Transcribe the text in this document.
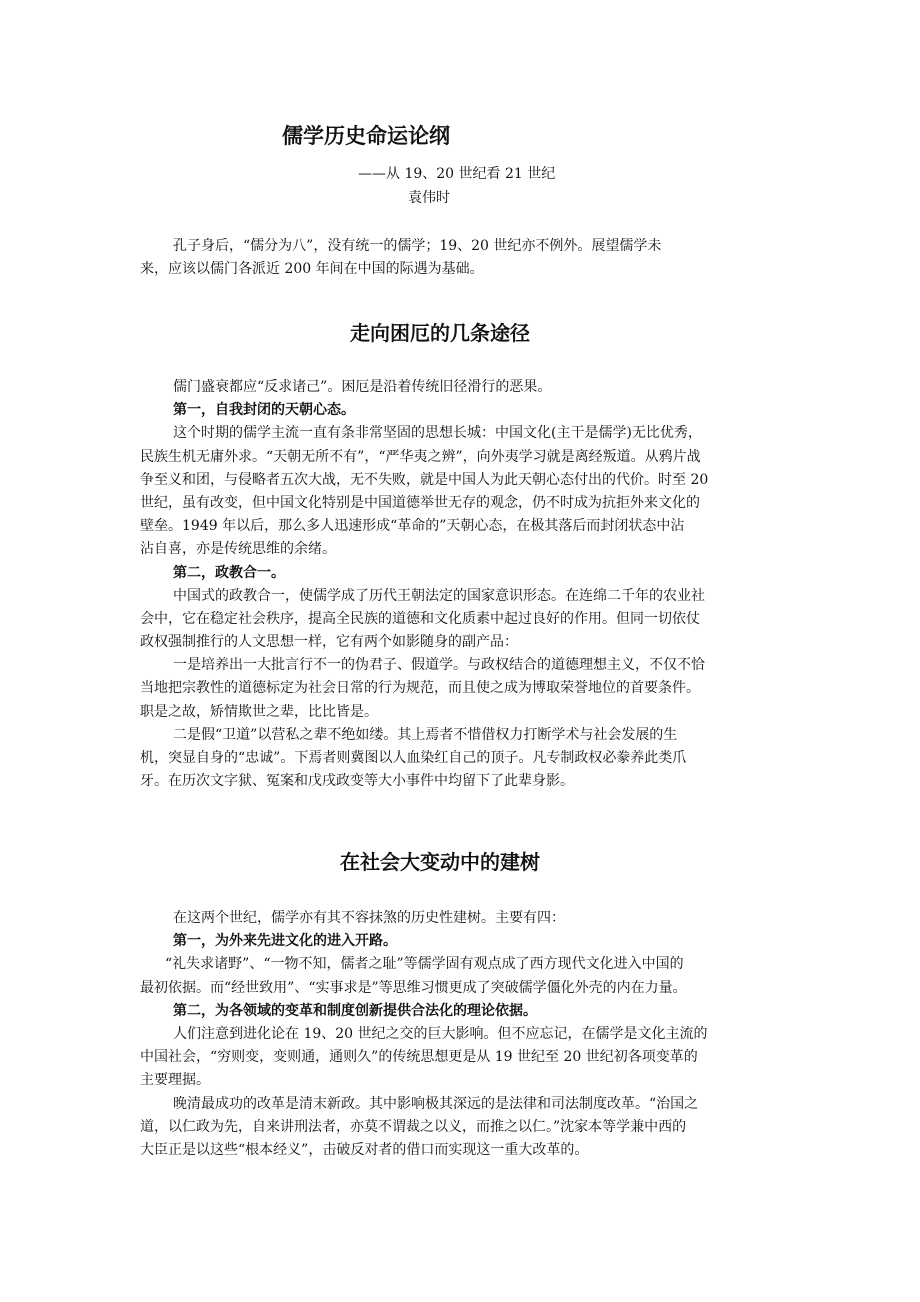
儒学历史命运论纲
——从 19、20 世纪看 21 世纪
袁伟时
孔子身后，“儒分为八”，没有统一的儒学；19、20 世纪亦不例外。展望儒学未
来，应该以儒门各派近 200 年间在中国的际遇为基础。
走向困厄的几条途径
儒门盛衰都应“反求诸己”。困厄是沿着传统旧径滑行的恶果。
第一，自我封闭的天朝心态。
这个时期的儒学主流一直有条非常坚固的思想长城：中国文化(主干是儒学)无比优秀，
民族生机无庸外求。“天朝无所不有”，“严华夷之辨”，向外夷学习就是离经叛道。从鸦片战
争至义和团，与侵略者五次大战，无不失败，就是中国人为此天朝心态付出的代价。时至 20
世纪，虽有改变，但中国文化特别是中国道德举世无存的观念，仍不时成为抗拒外来文化的
壁垒。1949 年以后，那么多人迅速形成“革命的”天朝心态，在极其落后而封闭状态中沾
沾自喜，亦是传统思维的余绪。
第二，政教合一。
中国式的政教合一，使儒学成了历代王朝法定的国家意识形态。在连绵二千年的农业社
会中，它在稳定社会秩序，提高全民族的道德和文化质素中起过良好的作用。但同一切依仗
政权强制推行的人文思想一样，它有两个如影随身的副产品：
一是培养出一大批言行不一的伪君子、假道学。与政权结合的道德理想主义，不仅不恰
当地把宗教性的道德标定为社会日常的行为规范，而且使之成为博取荣誉地位的首要条件。
职是之故，矫情欺世之辈，比比皆是。
二是假“卫道”以营私之辈不绝如缕。其上焉者不惜借权力打断学术与社会发展的生
机，突显自身的“忠诚”。下焉者则冀图以人血染红自己的顶子。凡专制政权必豢养此类爪
牙。在历次文字狱、冤案和戊戌政变等大小事件中均留下了此辈身影。
在社会大变动中的建树
在这两个世纪，儒学亦有其不容抹煞的历史性建树。主要有四：
第一，为外来先进文化的进入开路。
“礼失求诸野”、“一物不知，儒者之耻”等儒学固有观点成了西方现代文化进入中国的
最初依据。而“经世致用”、“实事求是”等思维习惯更成了突破儒学僵化外壳的内在力量。
第二，为各领域的变革和制度创新提供合法化的理论依据。
人们注意到进化论在 19、20 世纪之交的巨大影响。但不应忘记，在儒学是文化主流的
中国社会，“穷则变，变则通，通则久”的传统思想更是从 19 世纪至 20 世纪初各项变革的
主要理据。
晚清最成功的改革是清末新政。其中影响极其深远的是法律和司法制度改革。“治国之
道，以仁政为先，自来讲刑法者，亦莫不谓裁之以义，而推之以仁。”沈家本等学兼中西的
大臣正是以这些“根本经义”，击破反对者的借口而实现这一重大改革的。
